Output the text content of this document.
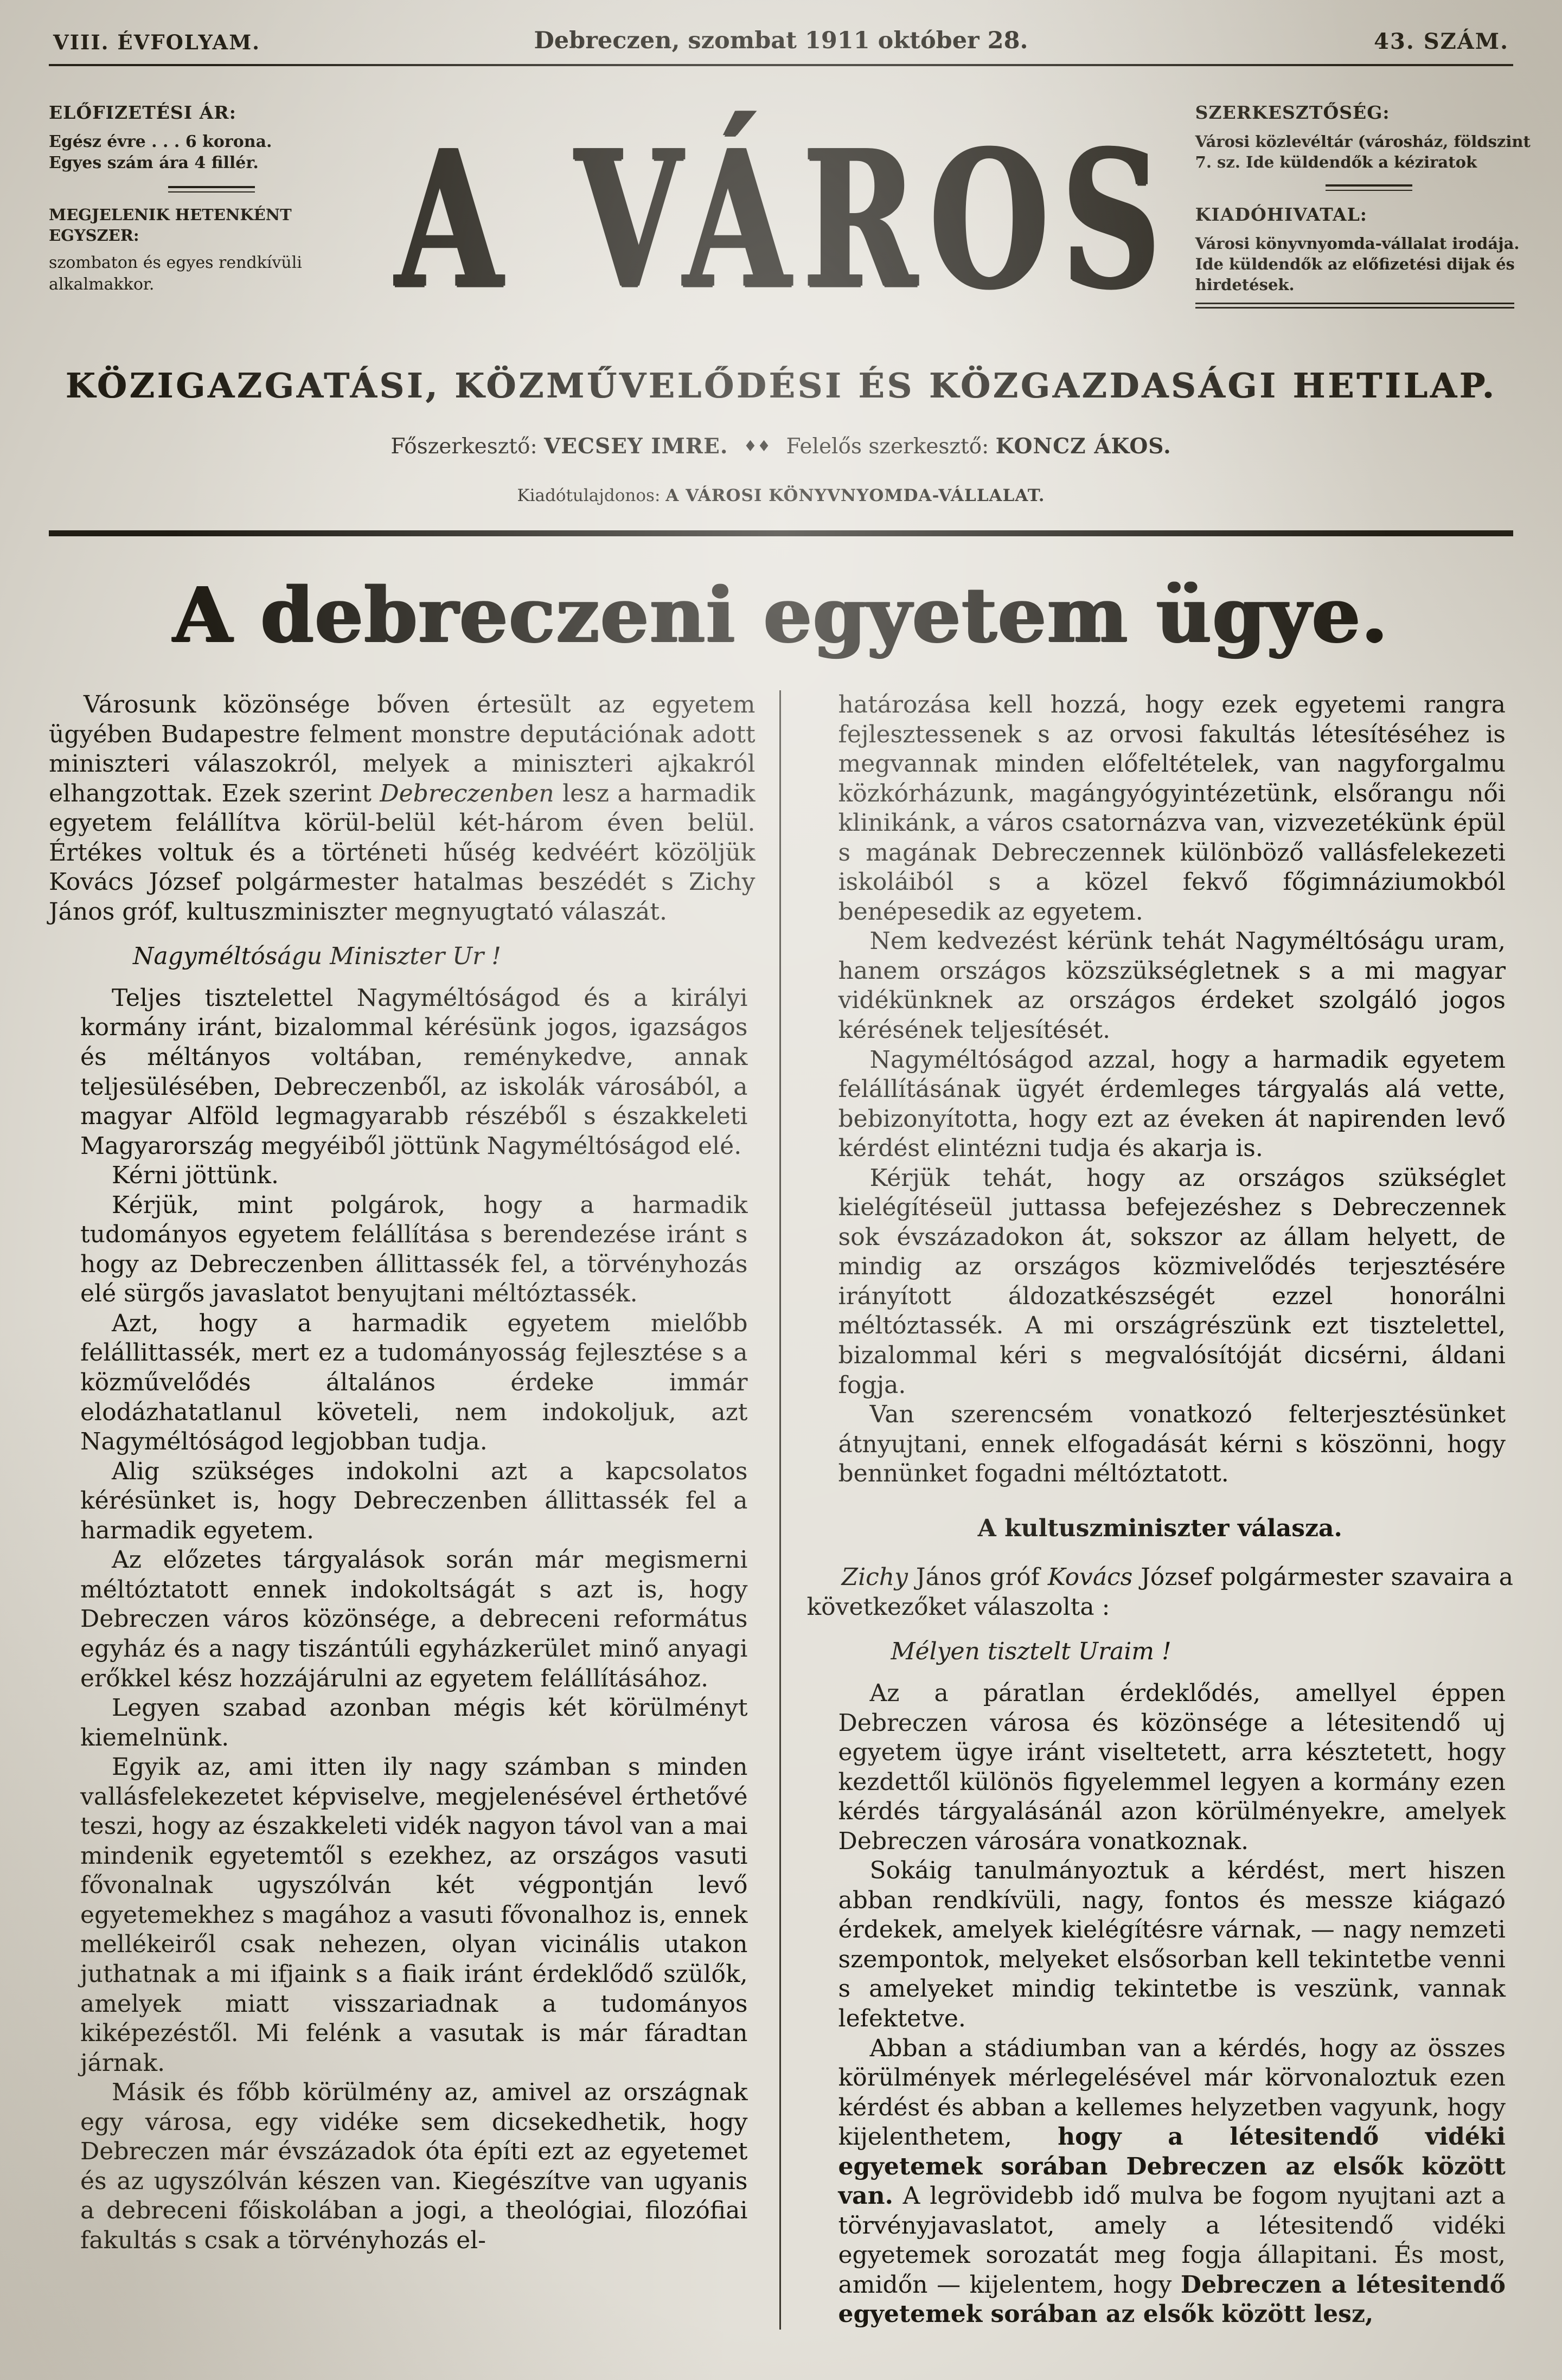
VIII. ÉVFOLYAM.	Debreczen, szombat 1911 október 28.	43. SZÁM.
ELŐFIZETÉSI ÁR:
Egész évre . . . 6 korona.
Egyes szám ára 4 fillér.
MEGJELENIK HETENKÉNT EGYSZER:
szombaton és egyes rendkívüli alkalmakkor.	A VÁROS SZERKESZTŐSÉG:
Városi közlevéltár (városház, földszint 7. sz. Ide küldendők a kéziratok
KIADÓHIVATAL:
Városi könyvnyomda-vállalat irodája. Ide küldendők az előfizetési dijak és hirdetések.
KÖZIGAZGATÁSI, KÖZMŰVELŐDÉSI ÉS KÖZGAZDASÁGI HETILAP.
Főszerkesztő: VECSEY IMRE. ♦♦ Felelős szerkesztő: KONCZ ÁKOS.
Kiadótulajdonos: A VÁROSI KÖNYVNYOMDA-VÁLLALAT.
A debreczeni egyetem ügye.

Városunk közönsége bőven értesült az egyetem ügyében Budapestre felment monstre deputációnak adott miniszteri válaszokról, melyek a miniszteri ajkakról elhangzottak. Ezek szerint Debreczenben lesz a harmadik egyetem felállítva körül-belül két-három éven belül. Értékes voltuk és a történeti hűség kedvéért közöljük Kovács József polgármester hatalmas beszédét s Zichy János gróf, kultuszminiszter megnyugtató válaszát.

Nagyméltóságu Miniszter Ur !

Teljes tisztelettel Nagyméltóságod és a királyi kormány iránt, bizalommal kérésünk jogos, igazságos és méltányos voltában, reménykedve, annak teljesülésében, Debreczenből, az iskolák városából, a magyar Alföld legmagyarabb részéből s északkeleti Magyarország megyéiből jöttünk Nagyméltóságod elé.

Kérni jöttünk.

Kérjük, mint polgárok, hogy a harmadik tudományos egyetem felállítása s berendezése iránt s hogy az Debreczenben állittassék fel, a törvényhozás elé sürgős javaslatot benyujtani méltóztassék.

Azt, hogy a harmadik egyetem mielőbb felállittassék, mert ez a tudományosság fejlesztése s a közművelődés általános érdeke immár elodázhatatlanul követeli, nem indokoljuk, azt Nagyméltóságod legjobban tudja.

Alig szükséges indokolni azt a kapcsolatos kérésünket is, hogy Debreczenben állittassék fel a harmadik egyetem.

Az előzetes tárgyalások során már megismerni méltóztatott ennek indokoltságát s azt is, hogy Debreczen város közönsége, a debreceni református egyház és a nagy tiszántúli egyházkerület minő anyagi erőkkel kész hozzájárulni az egyetem felállításához.

Legyen szabad azonban mégis két körülményt kiemelnünk.

Egyik az, ami itten ily nagy számban s minden vallásfelekezetet képviselve, megjelenésével érthetővé teszi, hogy az északkeleti vidék nagyon távol van a mai mindenik egyetemtől s ezekhez, az országos vasuti fővonalnak ugyszólván két végpontján levő egyetemekhez s magához a vasuti fővonalhoz is, ennek mellékeiről csak nehezen, olyan vicinális utakon juthatnak a mi ifjaink s a fiaik iránt érdeklődő szülők, amelyek miatt visszariadnak a tudományos kiképezéstől. Mi felénk a vasutak is már fáradtan járnak.

Másik és főbb körülmény az, amivel az országnak egy városa, egy vidéke sem dicsekedhetik, hogy Debreczen már évszázadok óta építi ezt az egyetemet és az ugyszólván készen van. Kiegészítve van ugyanis a debreceni főiskolában a jogi, a theológiai, filozófiai fakultás s csak a törvényhozás el-

határozása kell hozzá, hogy ezek egyetemi rangra fejlesztessenek s az orvosi fakultás létesítéséhez is megvannak minden előfeltételek, van nagyforgalmu közkórházunk, magángyógyintézetünk, elsőrangu női klinikánk, a város csatornázva van, vizvezetékünk épül s magának Debreczennek különböző vallásfelekezeti iskoláiból s a közel fekvő főgimnáziumokból benépesedik az egyetem.

Nem kedvezést kérünk tehát Nagyméltóságu uram, hanem országos közszükségletnek s a mi magyar vidékünknek az országos érdeket szolgáló jogos kérésének teljesítését.

Nagyméltóságod azzal, hogy a harmadik egyetem felállításának ügyét érdemleges tárgyalás alá vette, bebizonyította, hogy ezt az éveken át napirenden levő kérdést elintézni tudja és akarja is.

Kérjük tehát, hogy az országos szükséglet kielégítéseül juttassa befejezéshez s Debreczennek sok évszázadokon át, sokszor az állam helyett, de mindig az országos közmivelődés terjesztésére irányított áldozatkészségét ezzel honorálni méltóztassék. A mi országrészünk ezt tisztelettel, bizalommal kéri s megvalósítóját dicsérni, áldani fogja.

Van szerencsém vonatkozó felterjesztésünket átnyujtani, ennek elfogadását kérni s köszönni, hogy bennünket fogadni méltóztatott.

A kultuszminiszter válasza.

Zichy János gróf Kovács József polgármester szavaira a következőket válaszolta :

Mélyen tisztelt Uraim !

Az a páratlan érdeklődés, amellyel éppen Debreczen városa és közönsége a létesitendő uj egyetem ügye iránt viseltetett, arra késztetett, hogy kezdettől különös figyelemmel legyen a kormány ezen kérdés tárgyalásánál azon körülményekre, amelyek Debreczen városára vonatkoznak.

Sokáig tanulmányoztuk a kérdést, mert hiszen abban rendkívüli, nagy, fontos és messze kiágazó érdekek, amelyek kielégítésre várnak, — nagy nemzeti szempontok, melyeket elsősorban kell tekintetbe venni s amelyeket mindig tekintetbe is veszünk, vannak lefektetve.

Abban a stádiumban van a kérdés, hogy az összes körülmények mérlegelésével már körvonaloztuk ezen kérdést és abban a kellemes helyzetben vagyunk, hogy kijelenthetem, hogy a létesitendő vidéki egyetemek sorában Debreczen az elsők között van. A legrövidebb idő mulva be fogom nyujtani azt a törvényjavaslatot, amely a létesitendő vidéki egyetemek sorozatát meg fogja állapitani. És most, amidőn — kijelentem, hogy Debreczen a létesitendő egyetemek sorában az elsők között lesz,
